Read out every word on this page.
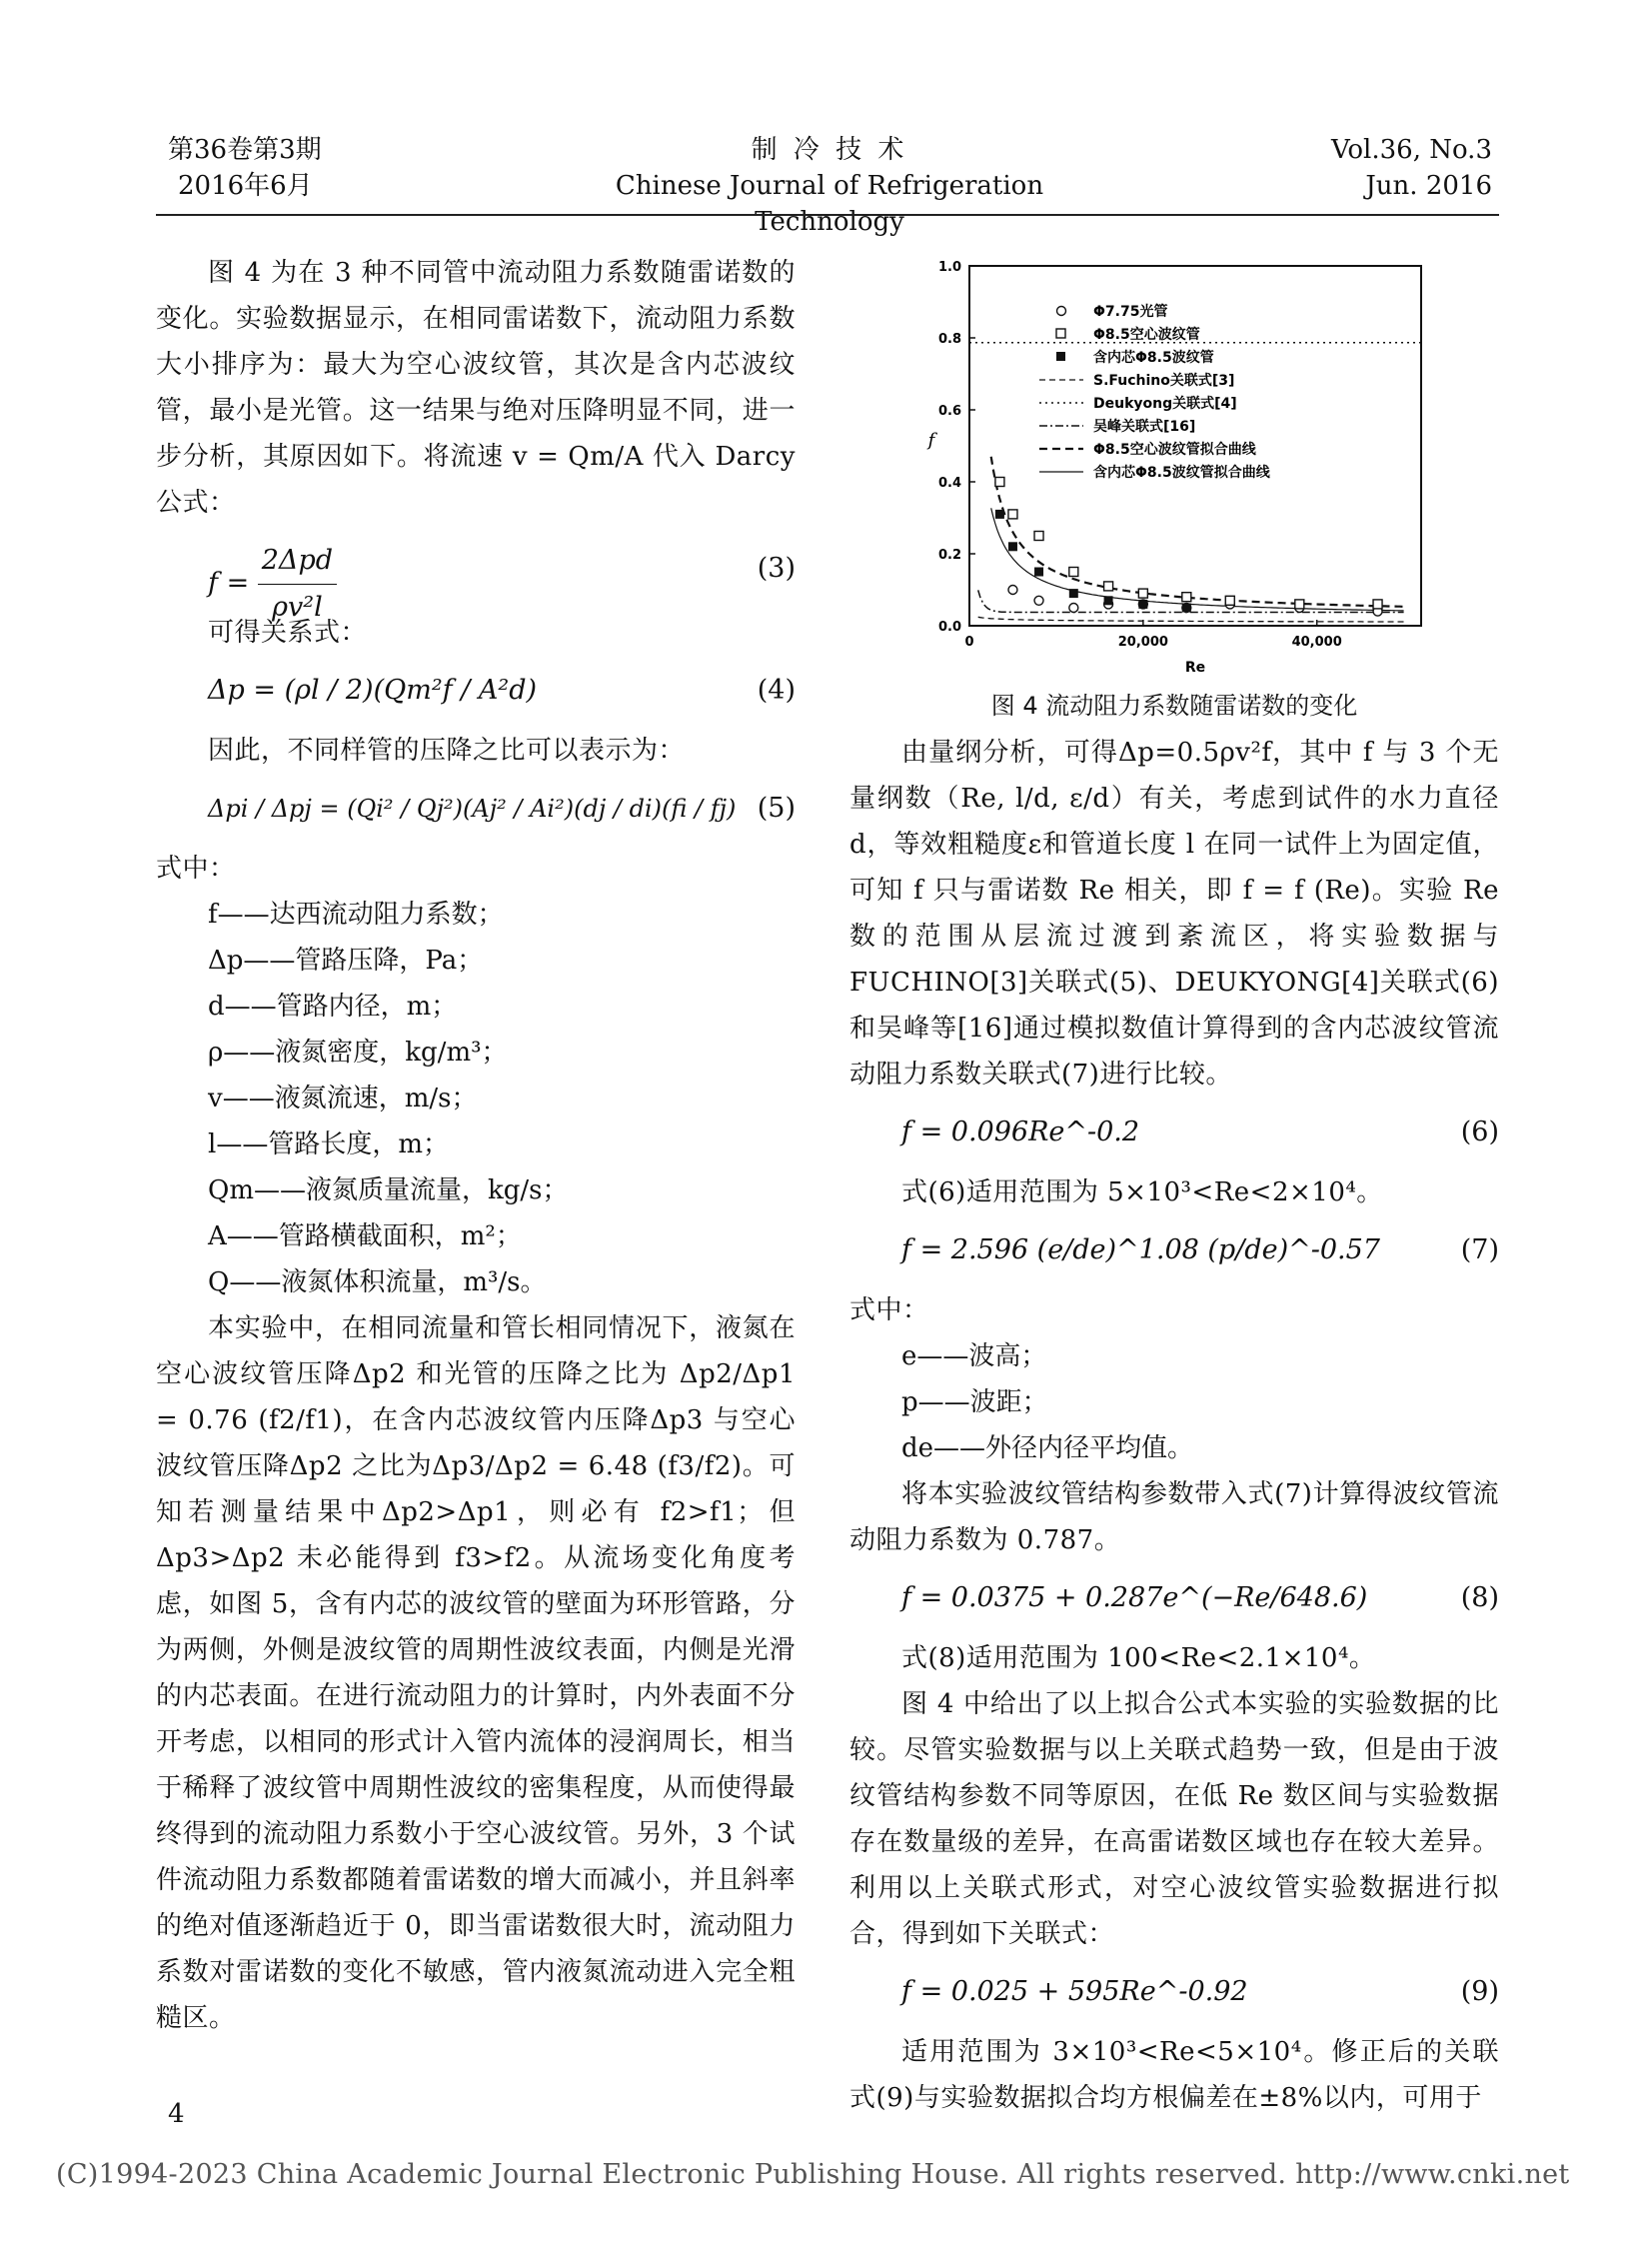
第36卷第3期
2016年6月
制 冷 技 术
Chinese Journal of Refrigeration Technology
Vol.36, No.3
Jun. 2016

图 4 为在 3 种不同管中流动阻力系数随雷诺数的变化。实验数据显示，在相同雷诺数下，流动阻力系数大小排序为：最大为空心波纹管，其次是含内芯波纹管，最小是光管。这一结果与绝对压降明显不同，进一步分析，其原因如下。将流速 v = Qm/A 代入 Darcy 公式：

$f = \frac{\text{2Δpd}}{\text{ρv²l}}$	(3)

可得关系式：

Δp = (ρl / 2)(Qm²f / A²d)	(4)

因此，不同样管的压降之比可以表示为：

Δpi / Δpj = (Qi² / Qj²)(Aj² / Ai²)(dj / di)(fi / fj) (5)

式中：

f——达西流动阻力系数；

Δp——管路压降，Pa；

d——管路内径，m；

ρ——液氮密度，kg/m³；

v——液氮流速，m/s；

l——管路长度，m；

Qm——液氮质量流量，kg/s；

A——管路横截面积，m²；

Q——液氮体积流量，m³/s。

本实验中，在相同流量和管长相同情况下，液氮在空心波纹管压降Δp2 和光管的压降之比为 Δp2/Δp1 = 0.76 (f2/f1)，在含内芯波纹管内压降Δp3 与空心波纹管压降Δp2 之比为Δp3/Δp2 = 6.48 (f3/f2)。可知若测量结果中Δp2>Δp1，则必有 f2>f1；但Δp3>Δp2 未必能得到 f3>f2。从流场变化角度考虑，如图 5，含有内芯的波纹管的壁面为环形管路，分为两侧，外侧是波纹管的周期性波纹表面，内侧是光滑的内芯表面。在进行流动阻力的计算时，内外表面不分开考虑，以相同的形式计入管内流体的浸润周长，相当于稀释了波纹管中周期性波纹的密集程度，从而使得最终得到的流动阻力系数小于空心波纹管。另外，3 个试件流动阻力系数都随着雷诺数的增大而减小，并且斜率的绝对值逐渐趋近于 0，即当雷诺数很大时，流动阻力系数对雷诺数的变化不敏感，管内液氮流动进入完全粗糙区。

0.0
0.2
0.4
0.6
0.8
1.0
0	20,000	40,000
Re
f
Φ7.75光管
Φ8.5空心波纹管
含内芯Φ8.5波纹管
S.Fuchino关联式[3]
Deukyong关联式[4]
吴峰关联式[16]
Φ8.5空心波纹管拟合曲线
含内芯Φ8.5波纹管拟合曲线
图 4 流动阻力系数随雷诺数的变化

由量纲分析，可得Δp=0.5ρv²f，其中 f 与 3 个无量纲数（Re, l/d, ε/d）有关，考虑到试件的水力直径 d，等效粗糙度ε和管道长度 l 在同一试件上为固定值，可知 f 只与雷诺数 Re 相关，即 f = f (Re)。实验 Re 数的范围从层流过渡到紊流区，将实验数据与 FUCHINO[3]关联式(5)、DEUKYONG[4]关联式(6)和吴峰等[16]通过模拟数值计算得到的含内芯波纹管流动阻力系数关联式(7)进行比较。

f = 0.096Re^-0.2	(6)

式(6)适用范围为 5×10³<Re<2×10⁴。

f = 2.596 (e/de)^1.08 (p/de)^-0.57	(7)

式中：

e——波高；

p——波距；

de——外径内径平均值。

将本实验波纹管结构参数带入式(7)计算得波纹管流动阻力系数为 0.787。

f = 0.0375 + 0.287e^(−Re/648.6)	(8)

式(8)适用范围为 100<Re<2.1×10⁴。

图 4 中给出了以上拟合公式本实验的实验数据的比较。尽管实验数据与以上关联式趋势一致，但是由于波纹管结构参数不同等原因，在低 Re 数区间与实验数据存在数量级的差异，在高雷诺数区域也存在较大差异。利用以上关联式形式，对空心波纹管实验数据进行拟合，得到如下关联式：

f = 0.025 + 595Re^-0.92	(9)

适用范围为 3×10³<Re<5×10⁴。修正后的关联式(9)与实验数据拟合均方根偏差在±8%以内，可用于

4
(C)1994-2023 China Academic Journal Electronic Publishing House. All rights reserved. http://www.cnki.net
